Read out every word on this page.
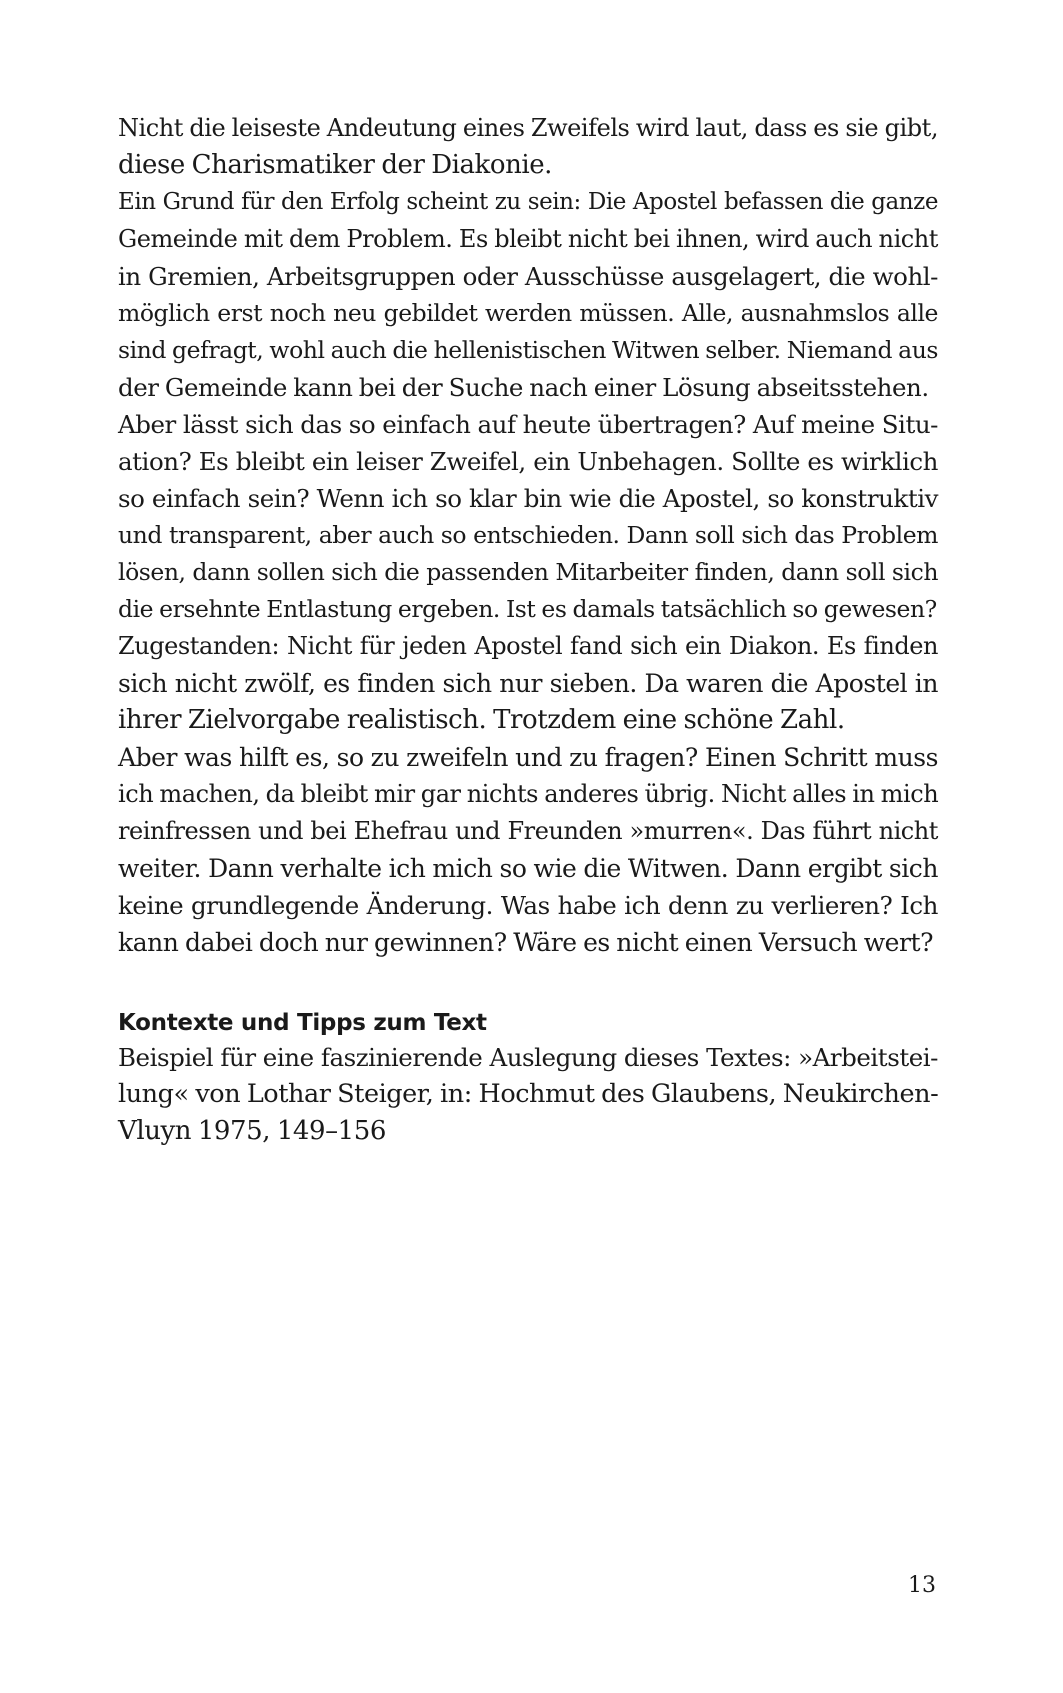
Nicht die leiseste Andeutung eines Zweifels wird laut, dass es sie gibt,
diese Charismatiker der Diakonie.

Ein Grund für den Erfolg scheint zu sein: Die Apostel befassen die ganze
Gemeinde mit dem Problem. Es bleibt nicht bei ihnen, wird auch nicht
in Gremien, Arbeitsgruppen oder Ausschüsse ausgelagert, die wohl-
möglich erst noch neu gebildet werden müssen. Alle, ausnahmslos alle
sind gefragt, wohl auch die hellenistischen Witwen selber. Niemand aus
der Gemeinde kann bei der Suche nach einer Lösung abseitsstehen.

Aber lässt sich das so einfach auf heute übertragen? Auf meine Situ-
ation? Es bleibt ein leiser Zweifel, ein Unbehagen. Sollte es wirklich
so einfach sein? Wenn ich so klar bin wie die Apostel, so konstruktiv
und transparent, aber auch so entschieden. Dann soll sich das Problem
lösen, dann sollen sich die passenden Mitarbeiter finden, dann soll sich
die ersehnte Entlastung ergeben. Ist es damals tatsächlich so gewesen?

Zugestanden: Nicht für jeden Apostel fand sich ein Diakon. Es finden
sich nicht zwölf, es finden sich nur sieben. Da waren die Apostel in
ihrer Zielvorgabe realistisch. Trotzdem eine schöne Zahl.

Aber was hilft es, so zu zweifeln und zu fragen? Einen Schritt muss
ich machen, da bleibt mir gar nichts anderes übrig. Nicht alles in mich
reinfressen und bei Ehefrau und Freunden »murren«. Das führt nicht
weiter. Dann verhalte ich mich so wie die Witwen. Dann ergibt sich
keine grundlegende Änderung. Was habe ich denn zu verlieren? Ich
kann dabei doch nur gewinnen? Wäre es nicht einen Versuch wert?

Kontexte und Tipps zum Text
Beispiel für eine faszinierende Auslegung dieses Textes: »Arbeitstei-
lung« von Lothar Steiger, in: Hochmut des Glaubens, Neukirchen-
Vluyn 1975, 149–156
13
